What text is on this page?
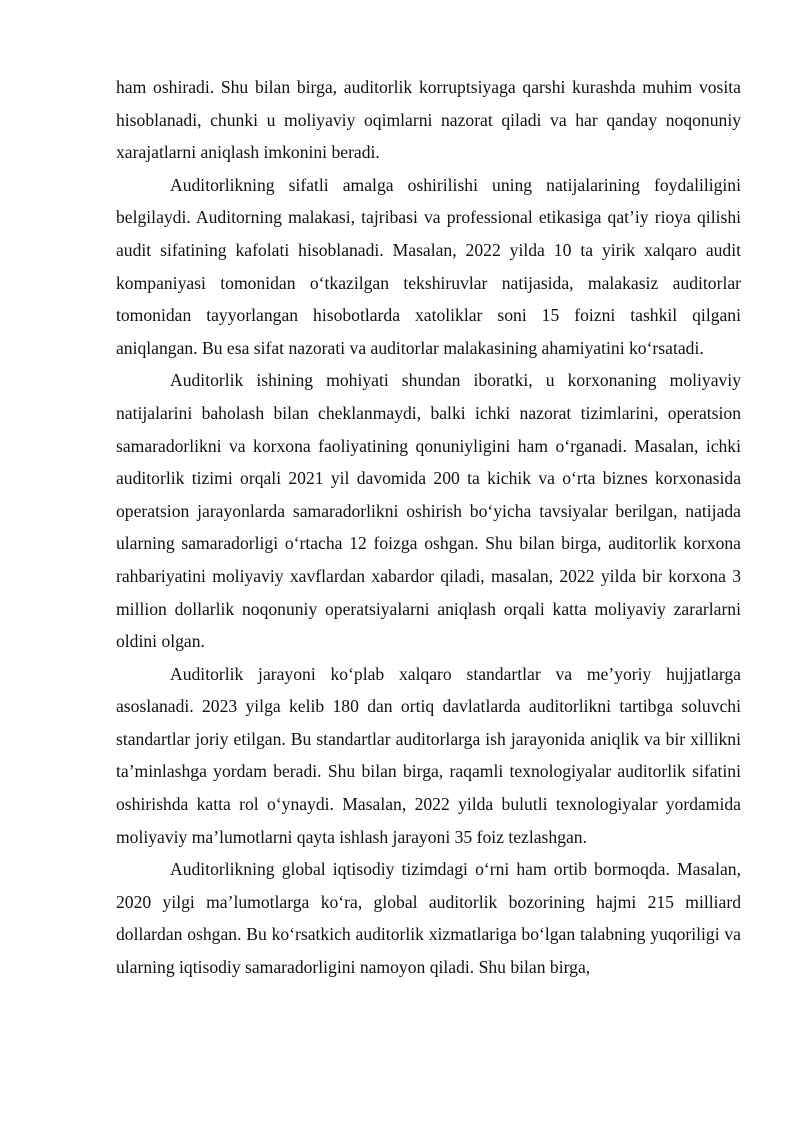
ham oshiradi. Shu bilan birga, auditorlik korruptsiyaga qarshi kurashda muhim vosita hisoblanadi, chunki u moliyaviy oqimlarni nazorat qiladi va har qanday noqonuniy xarajatlarni aniqlash imkonini beradi.

Auditorlikning sifatli amalga oshirilishi uning natijalarining foydaliligini belgilaydi. Auditorning malakasi, tajribasi va professional etikasiga qat’iy rioya qilishi audit sifatining kafolati hisoblanadi. Masalan, 2022 yilda 10 ta yirik xalqaro audit kompaniyasi tomonidan o‘tkazilgan tekshiruvlar natijasida, malakasiz auditorlar tomonidan tayyorlangan hisobotlarda xatoliklar soni 15 foizni tashkil qilgani aniqlangan. Bu esa sifat nazorati va auditorlar malakasining ahamiyatini ko‘rsatadi.

Auditorlik ishining mohiyati shundan iboratki, u korxonaning moliyaviy natijalarini baholash bilan cheklanmaydi, balki ichki nazorat tizimlarini, operatsion samaradorlikni va korxona faoliyatining qonuniyligini ham o‘rganadi. Masalan, ichki auditorlik tizimi orqali 2021 yil davomida 200 ta kichik va o‘rta biznes korxonasida operatsion jarayonlarda samaradorlikni oshirish bo‘yicha tavsiyalar berilgan, natijada ularning samaradorligi o‘rtacha 12 foizga oshgan. Shu bilan birga, auditorlik korxona rahbariyatini moliyaviy xavflardan xabardor qiladi, masalan, 2022 yilda bir korxona 3 million dollarlik noqonuniy operatsiyalarni aniqlash orqali katta moliyaviy zararlarni oldini olgan.

Auditorlik jarayoni ko‘plab xalqaro standartlar va me’yoriy hujjatlarga asoslanadi. 2023 yilga kelib 180 dan ortiq davlatlarda auditorlikni tartibga soluvchi standartlar joriy etilgan. Bu standartlar auditorlarga ish jarayonida aniqlik va bir xillikni ta’minlashga yordam beradi. Shu bilan birga, raqamli texnologiyalar auditorlik sifatini oshirishda katta rol o‘ynaydi. Masalan, 2022 yilda bulutli texnologiyalar yordamida moliyaviy ma’lumotlarni qayta ishlash jarayoni 35 foiz tezlashgan.

Auditorlikning global iqtisodiy tizimdagi o‘rni ham ortib bormoqda. Masalan, 2020 yilgi ma’lumotlarga ko‘ra, global auditorlik bozorining hajmi 215 milliard dollardan oshgan. Bu ko‘rsatkich auditorlik xizmatlariga bo‘lgan talabning yuqoriligi va ularning iqtisodiy samaradorligini namoyon qiladi. Shu bilan birga,
